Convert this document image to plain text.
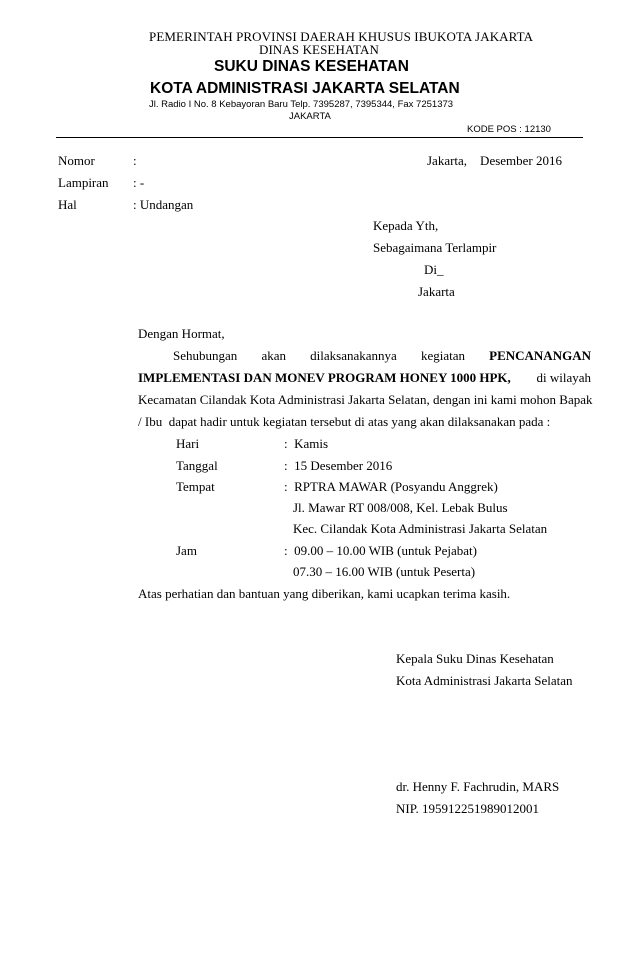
PEMERINTAH PROVINSI DAERAH KHUSUS IBUKOTA JAKARTA
DINAS KESEHATAN
SUKU DINAS KESEHATAN
KOTA ADMINISTRASI JAKARTA SELATAN
Jl. Radio I No. 8 Kebayoran Baru Telp. 7395287, 7395344, Fax 7251373
JAKARTA
KODE POS : 12130
Nomor	:	Jakarta,    Desember 2016
Lampiran : -
Hal	: Undangan
Kepada Yth,
Sebagaimana Terlampir
Di_
Jakarta
Dengan Hormat,
Sehubungan akan dilaksanakannya kegiatan PENCANANGAN
IMPLEMENTASI DAN MONEV PROGRAM HONEY 1000 HPK, di wilayah
Kecamatan Cilandak Kota Administrasi Jakarta Selatan, dengan ini kami mohon Bapak
/ Ibu  dapat hadir untuk kegiatan tersebut di atas yang akan dilaksanakan pada :
Hari	:  Kamis
Tanggal	:  15 Desember 2016
Tempat	:  RPTRA MAWAR (Posyandu Anggrek)
Jl. Mawar RT 008/008, Kel. Lebak Bulus
Kec. Cilandak Kota Administrasi Jakarta Selatan
Jam	:  09.00 – 10.00 WIB (untuk Pejabat)
07.30 – 16.00 WIB (untuk Peserta)
Atas perhatian dan bantuan yang diberikan, kami ucapkan terima kasih.
Kepala Suku Dinas Kesehatan
Kota Administrasi Jakarta Selatan
dr. Henny F. Fachrudin, MARS
NIP. 195912251989012001
